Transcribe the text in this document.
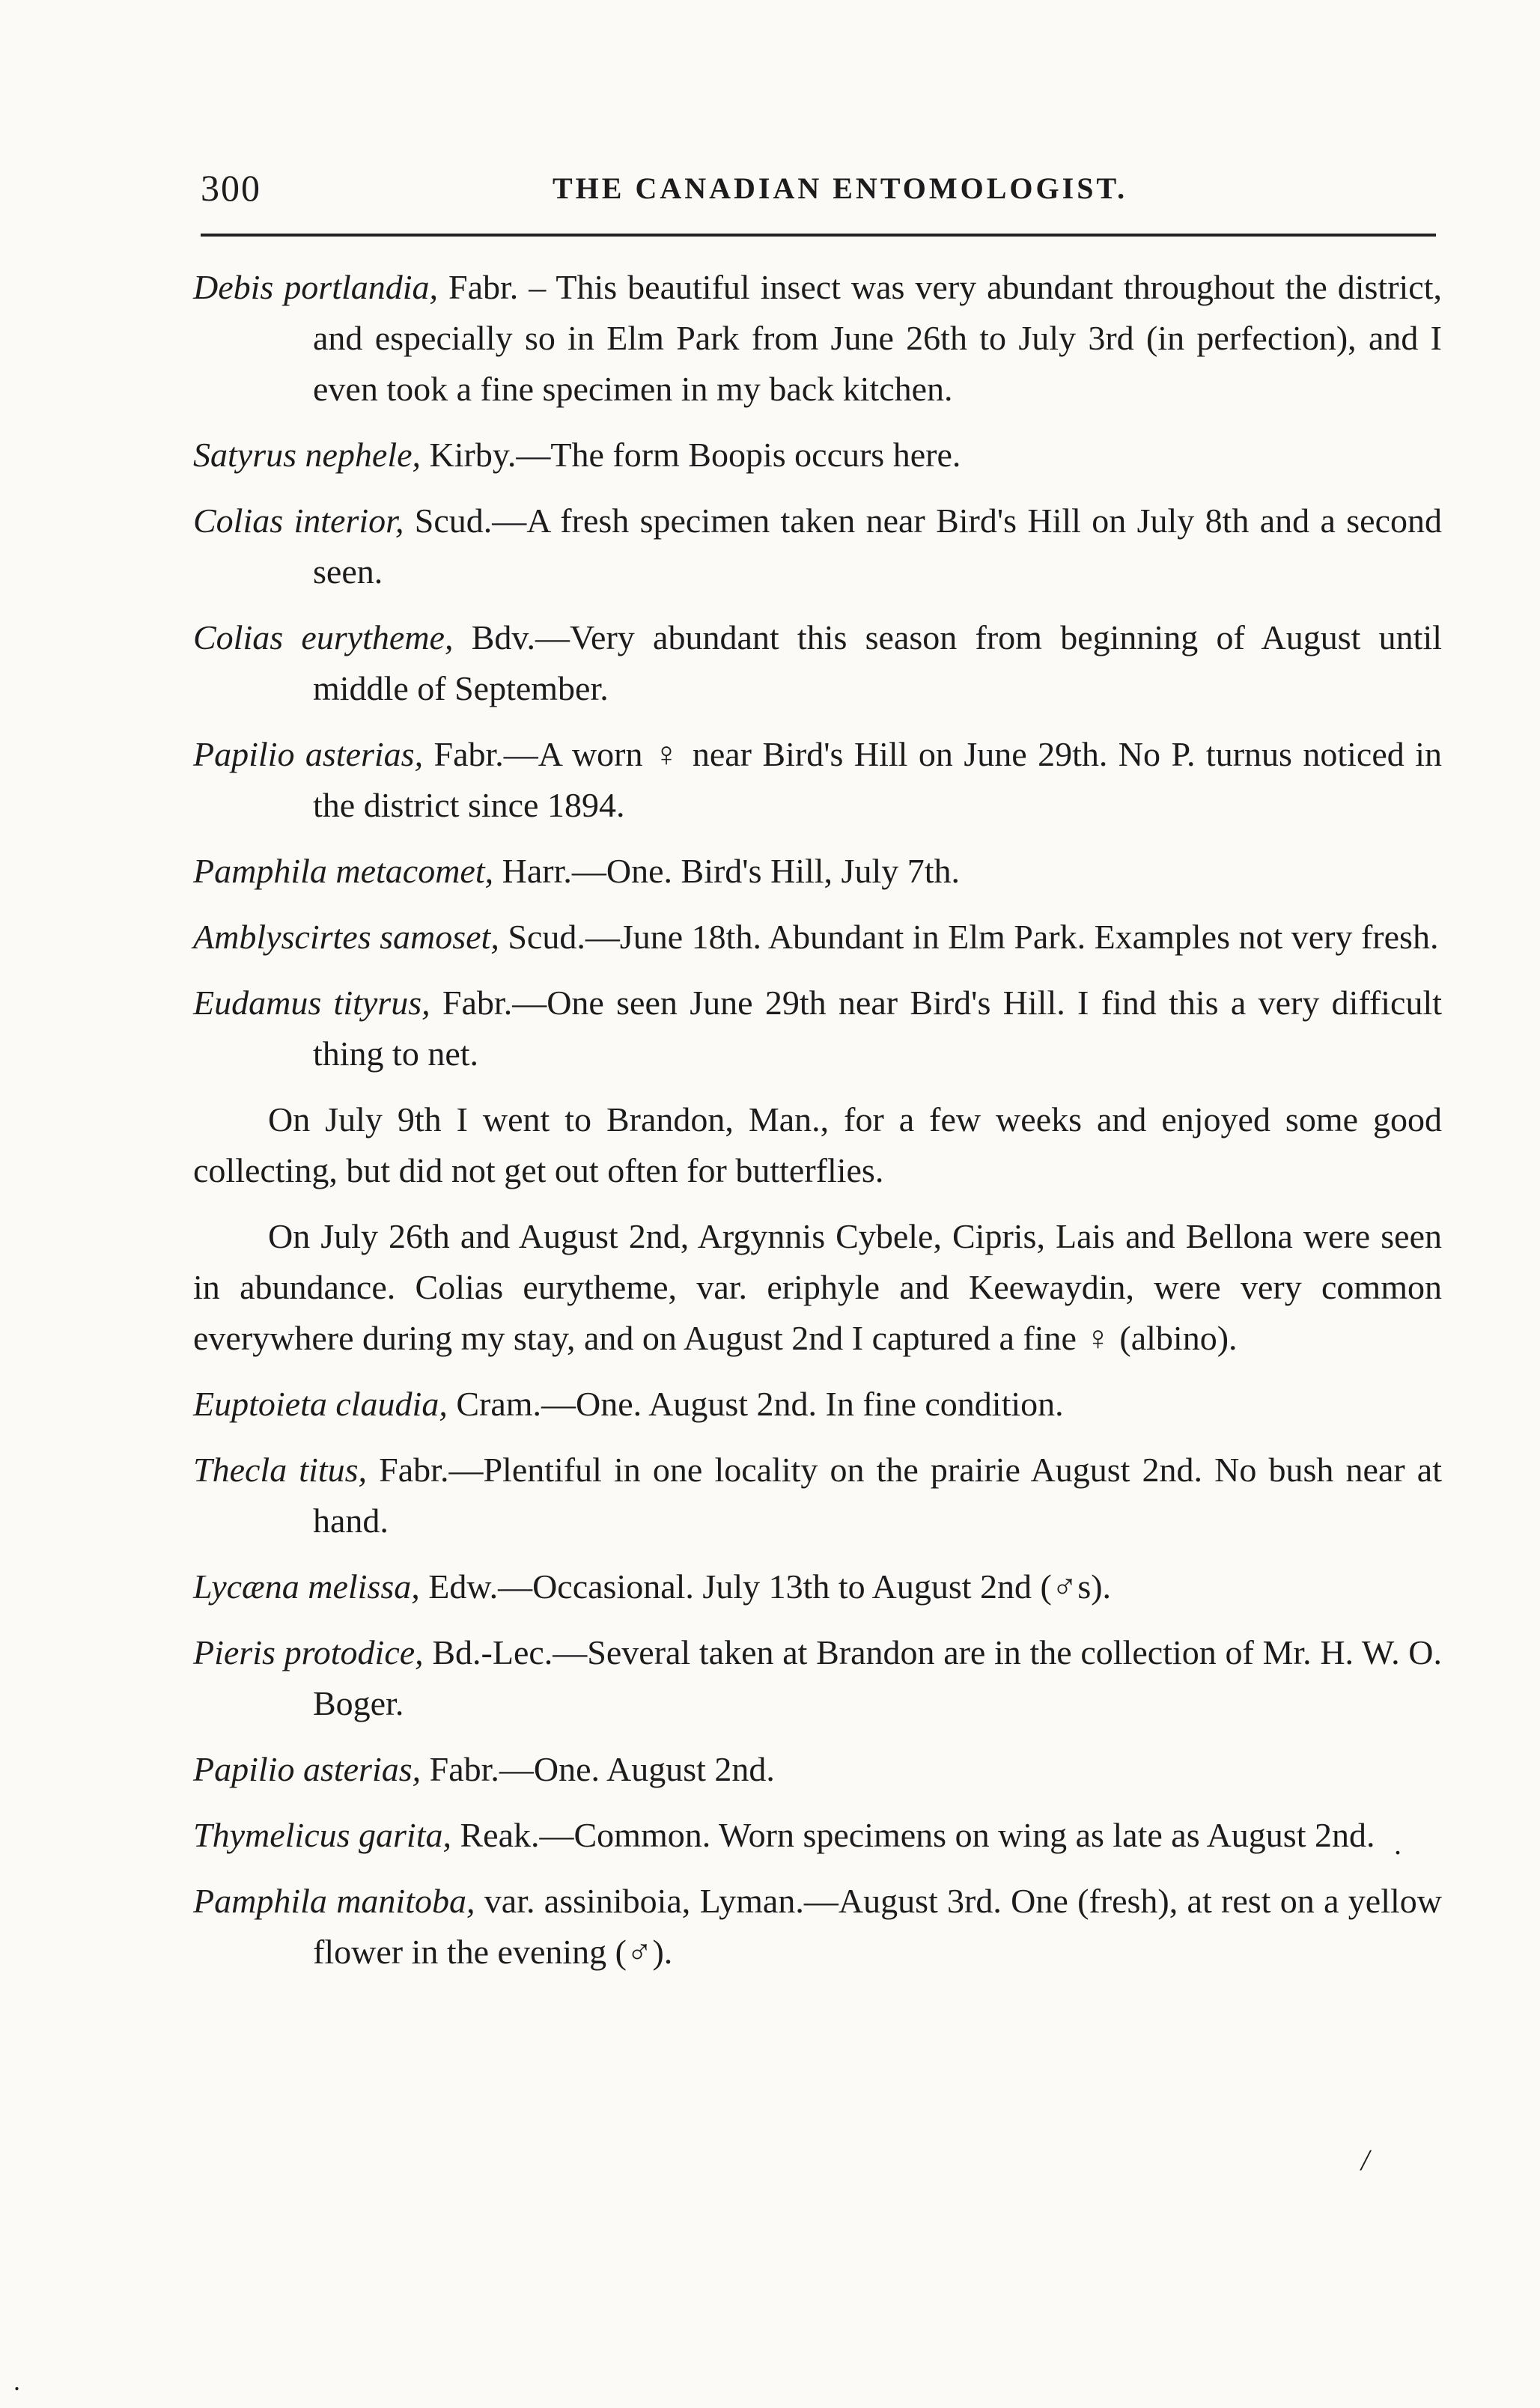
300	THE CANADIAN ENTOMOLOGIST.

Debis portlandia, Fabr. – This beautiful insect was very abundant throughout the district, and especially so in Elm Park from June 26th to July 3rd (in perfection), and I even took a fine specimen in my back kitchen.

Satyrus nephele, Kirby.—The form Boopis occurs here.

Colias interior, Scud.—A fresh specimen taken near Bird's Hill on July 8th and a second seen.

Colias eurytheme, Bdv.—Very abundant this season from beginning of August until middle of September.

Papilio asterias, Fabr.—A worn ♀ near Bird's Hill on June 29th. No P. turnus noticed in the district since 1894.

Pamphila metacomet, Harr.—One. Bird's Hill, July 7th.

Amblyscirtes samoset, Scud.—June 18th. Abundant in Elm Park. Examples not very fresh.

Eudamus tityrus, Fabr.—One seen June 29th near Bird's Hill. I find this a very difficult thing to net.

On July 9th I went to Brandon, Man., for a few weeks and enjoyed some good collecting, but did not get out often for butterflies.

On July 26th and August 2nd, Argynnis Cybele, Cipris, Lais and Bellona were seen in abundance. Colias eurytheme, var. eriphyle and Keewaydin, were very common everywhere during my stay, and on August 2nd I captured a fine ♀ (albino).

Euptoieta claudia, Cram.—One. August 2nd. In fine condition.

Thecla titus, Fabr.—Plentiful in one locality on the prairie August 2nd. No bush near at hand.

Lycæna melissa, Edw.—Occasional. July 13th to August 2nd (♂s).

Pieris protodice, Bd.-Lec.—Several taken at Brandon are in the collection of Mr. H. W. O. Boger.

Papilio asterias, Fabr.—One. August 2nd.

Thymelicus garita, Reak.—Common. Worn specimens on wing as late as August 2nd.

Pamphila manitoba, var. assiniboia, Lyman.—August 3rd. One (fresh), at rest on a yellow flower in the evening (♂).

.
/
.
